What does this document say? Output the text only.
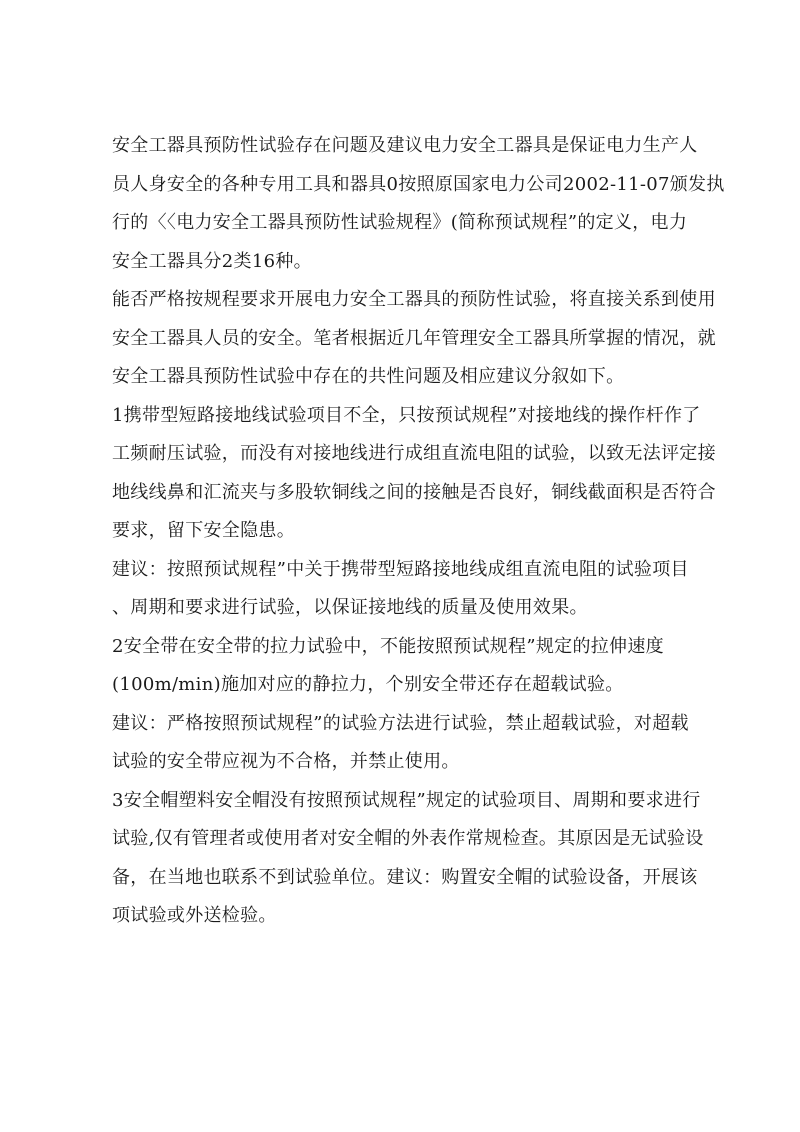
安全工器具预防性试验存在问题及建议电力安全工器具是保证电力生产人
员人身安全的各种专用工具和器具0按照原国家电力公司2002-11-07颁发执
行的〈〈电力安全工器具预防性试验规程》(简称预试规程”的定义，电力
安全工器具分2类16种。

能否严格按规程要求开展电力安全工器具的预防性试验，将直接关系到使用
安全工器具人员的安全。笔者根据近几年管理安全工器具所掌握的情况，就
安全工器具预防性试验中存在的共性问题及相应建议分叙如下。

1携带型短路接地线试验项目不全，只按预试规程”对接地线的操作杆作了
工频耐压试验，而没有对接地线进行成组直流电阻的试验，以致无法评定接
地线线鼻和汇流夹与多股软铜线之间的接触是否良好，铜线截面积是否符合
要求，留下安全隐患。

建议：按照预试规程”中关于携带型短路接地线成组直流电阻的试验项目
、周期和要求进行试验，以保证接地线的质量及使用效果。

2安全带在安全带的拉力试验中，不能按照预试规程”规定的拉伸速度
(100m/min)施加对应的静拉力，个别安全带还存在超载试验。

建议：严格按照预试规程”的试验方法进行试验，禁止超载试验，对超载
试验的安全带应视为不合格，并禁止使用。

3安全帽塑料安全帽没有按照预试规程”规定的试验项目、周期和要求进行
试验,仅有管理者或使用者对安全帽的外表作常规检查。其原因是无试验设
备，在当地也联系不到试验单位。建议：购置安全帽的试验设备，开展该
项试验或外送检验。
